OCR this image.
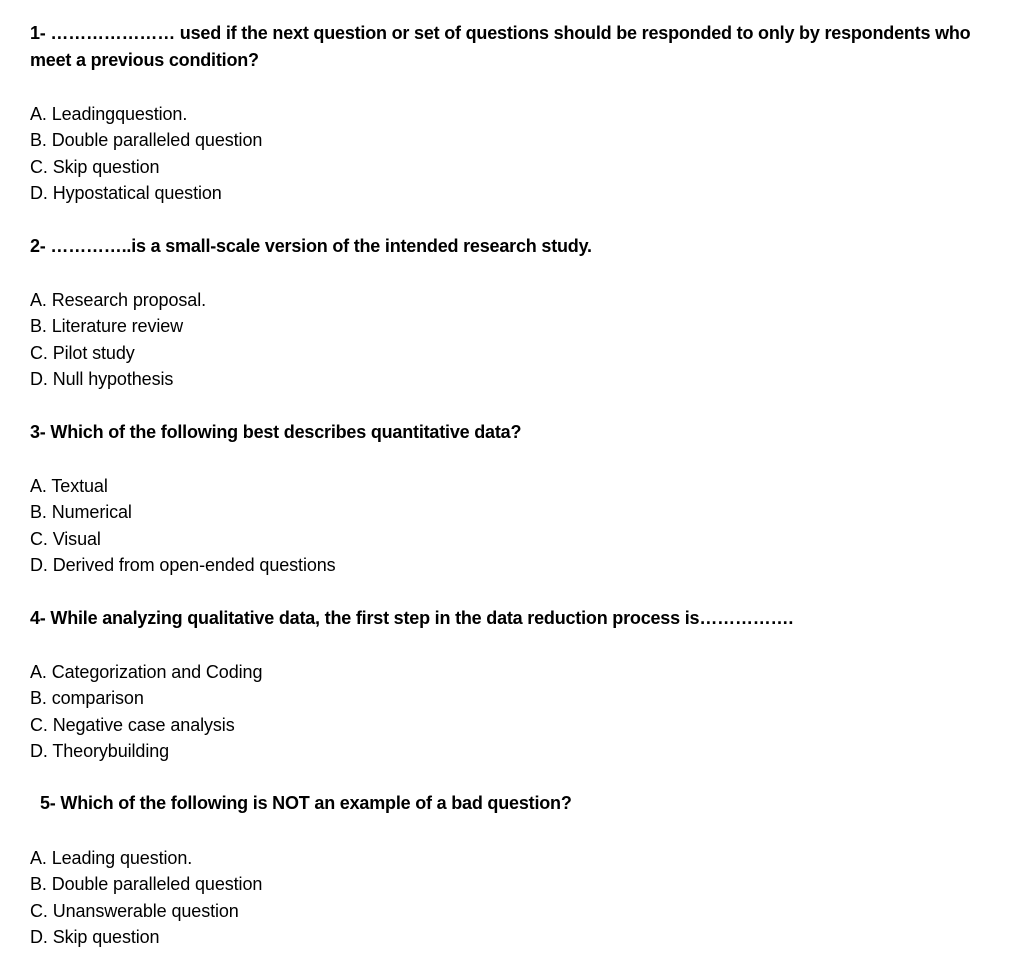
1- ………………… used if the next question or set of questions should be responded to only by respondents who meet a previous condition?
A. Leadingquestion.
B. Double paralleled question
C. Skip question
D. Hypostatical question
2- …………..is a small-scale version of the intended research study.
A. Research proposal.
B. Literature review
C. Pilot study
D. Null hypothesis
3- Which of the following best describes quantitative data?
A. Textual
B. Numerical
C. Visual
D. Derived from open-ended questions
4- While analyzing qualitative data, the first step in the data reduction process is…………….
A. Categorization and Coding
B. comparison
C. Negative case analysis
D. Theorybuilding
5- Which of the following is NOT an example of a bad question?
A. Leading question.
B. Double paralleled question
C. Unanswerable question
D. Skip question
